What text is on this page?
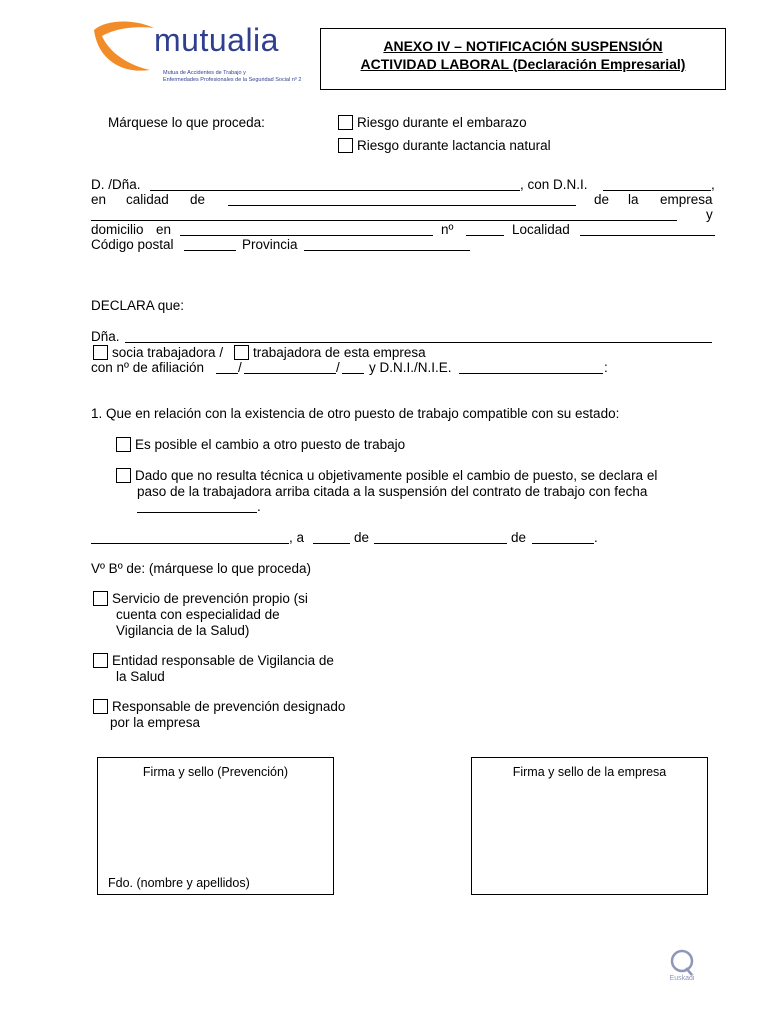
mutualia
Mutua de Accidentes de Trabajo y
Enfermedades Profesionales de la Seguridad Social nº 2
ANEXO IV – NOTIFICACIÓN SUSPENSIÓN
ACTIVIDAD LABORAL (Declaración Empresarial)
Márquese lo que proceda:	Riesgo durante el embarazo
Riesgo durante lactancia natural
D. /Dña.	, con D.N.I.	,
en calidad de	de la empresa
y
domicilio en	nº	Localidad
Código postal	Provincia
DECLARA que:
Dña.
socia trabajadora / trabajadora de esta empresa
con nº de afiliación	/	/ y D.N.I./N.I.E.	:
1. Que en relación con la existencia de otro puesto de trabajo compatible con su estado:
Es posible el cambio a otro puesto de trabajo
Dado que no resulta técnica u objetivamente posible el cambio de puesto, se declara el
paso de la trabajadora arriba citada a la suspensión del contrato de trabajo con fecha
.
, a	de	de	.
Vº Bº de: (márquese lo que proceda)
Servicio de prevención propio (si
cuenta con especialidad de
Vigilancia de la Salud)
Entidad responsable de Vigilancia de
la Salud
Responsable de prevención designado
por la empresa
Firma y sello (Prevención)
Fdo. (nombre y apellidos)
Firma y sello de la empresa
Euskadi
